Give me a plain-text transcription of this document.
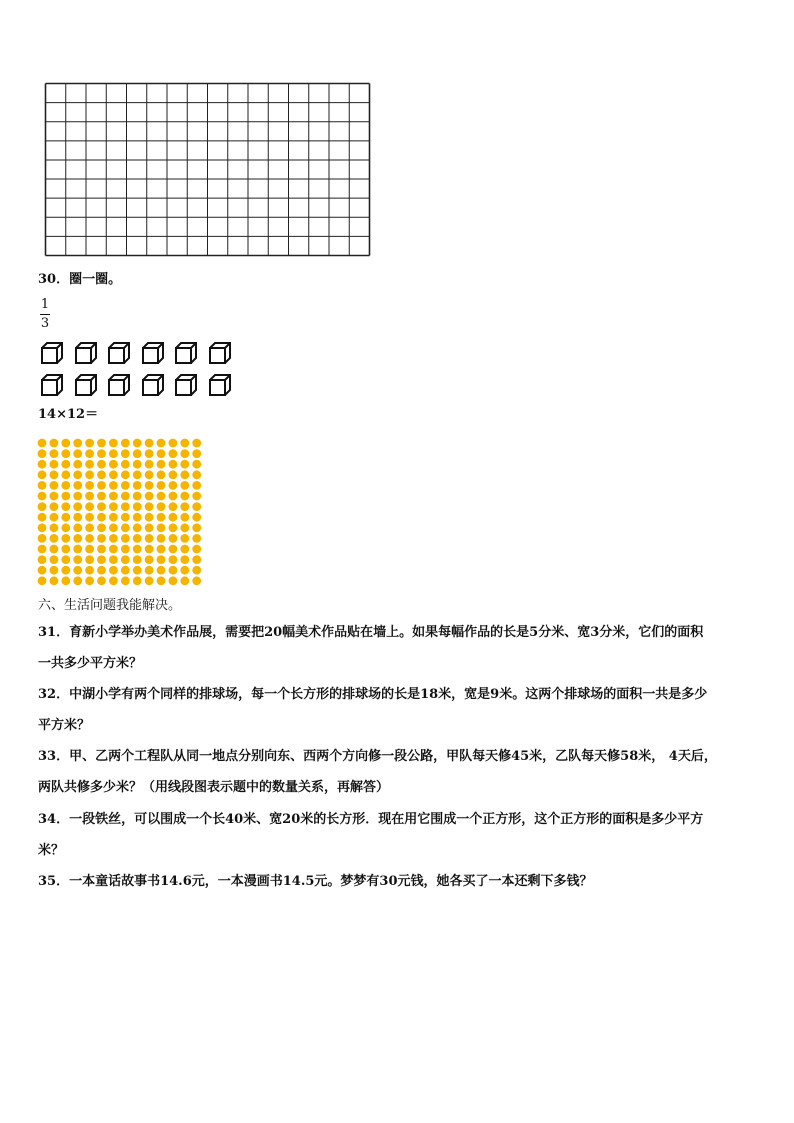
30．圈一圈。
1
3
14×12＝
六、生活问题我能解决。
31．育新小学举办美术作品展，需要把20幅美术作品贴在墙上。如果每幅作品的长是5分米、宽3分米，它们的面积
一共多少平方米？
32．中湖小学有两个同样的排球场，每一个长方形的排球场的长是18米，宽是9米。这两个排球场的面积一共是多少
平方米？
33．甲、乙两个工程队从同一地点分别向东、西两个方向修一段公路，甲队每天修45米，乙队每天修58米， 4天后，
两队共修多少米？（用线段图表示题中的数量关系，再解答）
34．一段铁丝，可以围成一个长40米、宽20米的长方形．现在用它围成一个正方形，这个正方形的面积是多少平方
米？
35．一本童话故事书14.6元，一本漫画书14.5元。梦梦有30元钱，她各买了一本还剩下多钱？
